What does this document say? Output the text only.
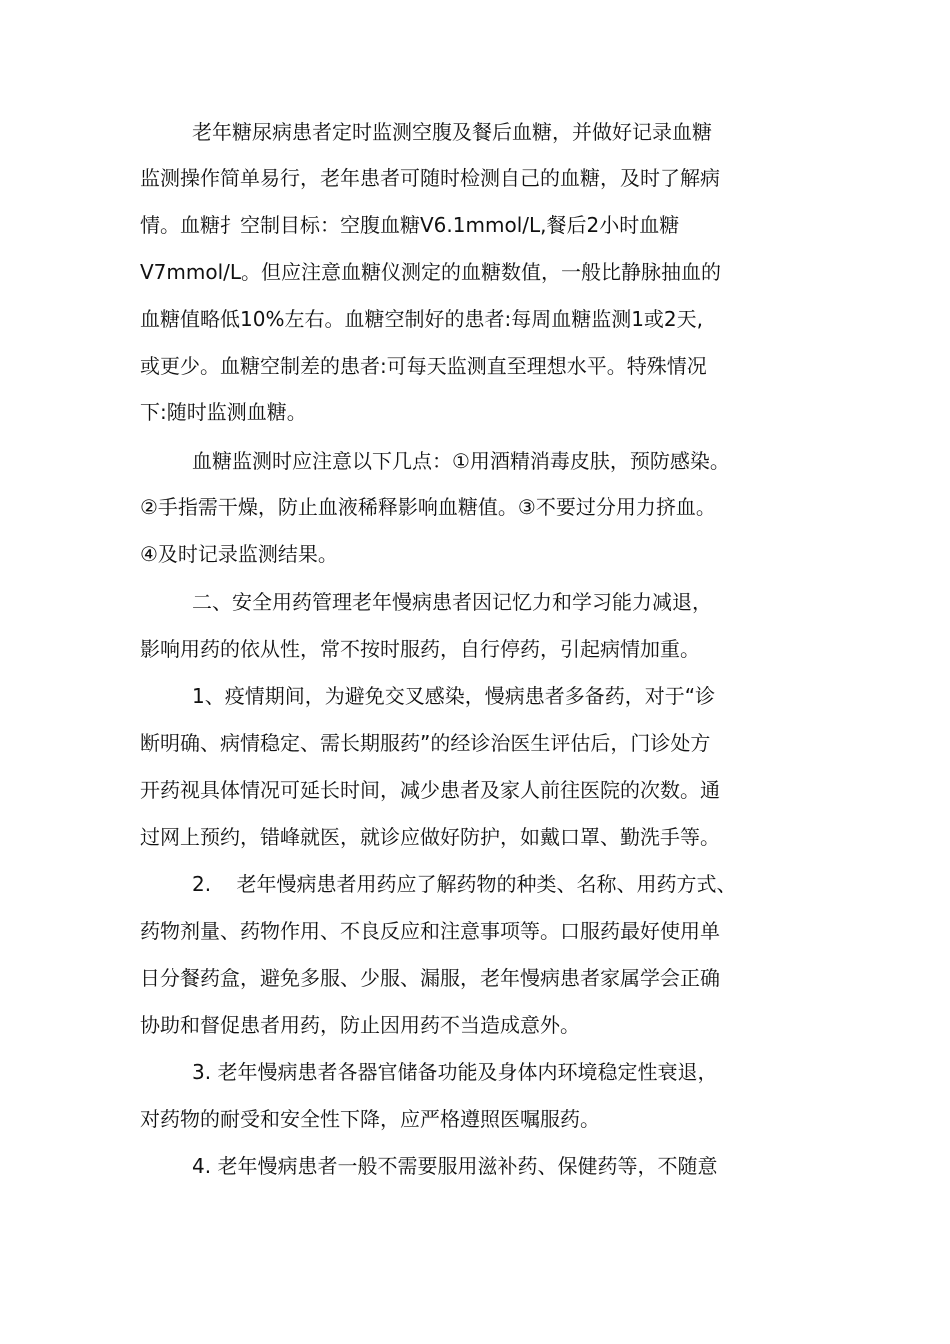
老年糖尿病患者定时监测空腹及餐后血糖，并做好记录血糖
监测操作简单易行，老年患者可随时检测自己的血糖，及时了解病
情。血糖扌空制目标：空腹血糖V6.1mmol/L,餐后2小时血糖
V7mmol/L。但应注意血糖仪测定的血糖数值，一般比静脉抽血的
血糖值略低10%左右。血糖空制好的患者:每周血糖监测1或2天,
或更少。血糖空制差的患者:可每天监测直至理想水平。特殊情况
下:随时监测血糖。
血糖监测时应注意以下几点：①用酒精消毒皮肤，预防感染。
②手指需干燥，防止血液稀释影响血糖值。③不要过分用力挤血。
④及时记录监测结果。
二、安全用药管理老年慢病患者因记忆力和学习能力减退，
影响用药的依从性，常不按时服药，自行停药，引起病情加重。
1、疫情期间，为避免交叉感染，慢病患者多备药，对于“诊
断明确、病情稳定、需长期服药”的经诊治医生评估后，门诊处方
开药视具体情况可延长时间，减少患者及家人前往医院的次数。通
过网上预约，错峰就医，就诊应做好防护，如戴口罩、勤洗手等。
2.    老年慢病患者用药应了解药物的种类、名称、用药方式、
药物剂量、药物作用、不良反应和注意事项等。口服药最好使用单
日分餐药盒，避免多服、少服、漏服，老年慢病患者家属学会正确
协助和督促患者用药，防止因用药不当造成意外。
3. 老年慢病患者各器官储备功能及身体内环境稳定性衰退，
对药物的耐受和安全性下降，应严格遵照医嘱服药。
4. 老年慢病患者一般不需要服用滋补药、保健药等，不随意
